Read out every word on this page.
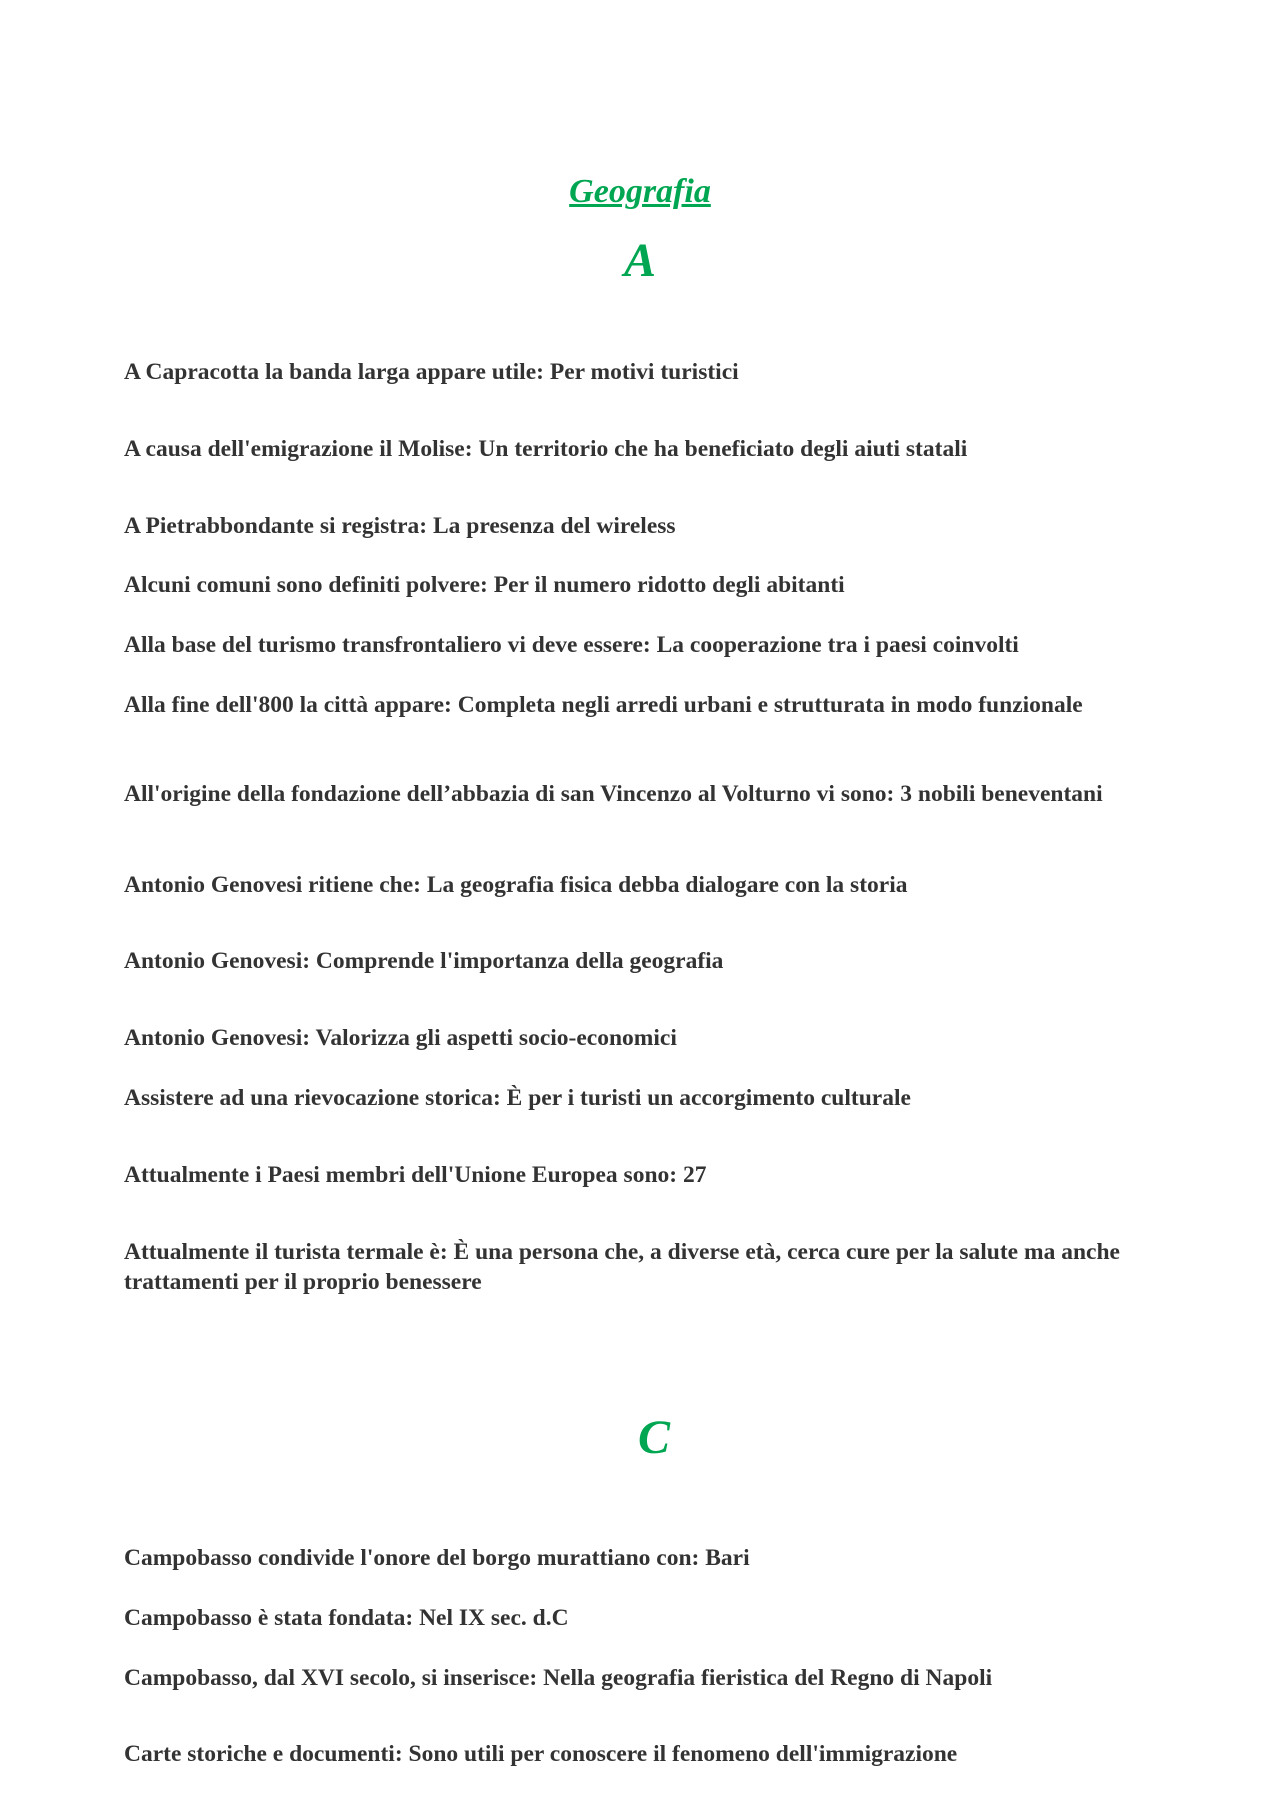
Geografia
A
A Capracotta la banda larga appare utile: Per motivi turistici
A causa dell'emigrazione il Molise: Un territorio che ha beneficiato degli aiuti statali
A Pietrabbondante si registra: La presenza del wireless
Alcuni comuni sono definiti polvere: Per il numero ridotto degli abitanti
Alla base del turismo transfrontaliero vi deve essere: La cooperazione tra i paesi coinvolti
Alla fine dell'800 la città appare: Completa negli arredi urbani e strutturata in modo funzionale
All'origine della fondazione dell’abbazia di san Vincenzo al Volturno vi sono: 3 nobili beneventani
Antonio Genovesi ritiene che: La geografia fisica debba dialogare con la storia
Antonio Genovesi: Comprende l'importanza della geografia
Antonio Genovesi: Valorizza gli aspetti socio-economici
Assistere ad una rievocazione storica: È per i turisti un accorgimento culturale
Attualmente i Paesi membri dell'Unione Europea sono: 27
Attualmente il turista termale è: È una persona che, a diverse età, cerca cure per la salute ma anche trattamenti per il proprio benessere
C
Campobasso condivide l'onore del borgo murattiano con: Bari
Campobasso è stata fondata: Nel IX sec. d.C
Campobasso, dal XVI secolo, si inserisce: Nella geografia fieristica del Regno di Napoli
Carte storiche e documenti: Sono utili per conoscere il fenomeno dell'immigrazione
